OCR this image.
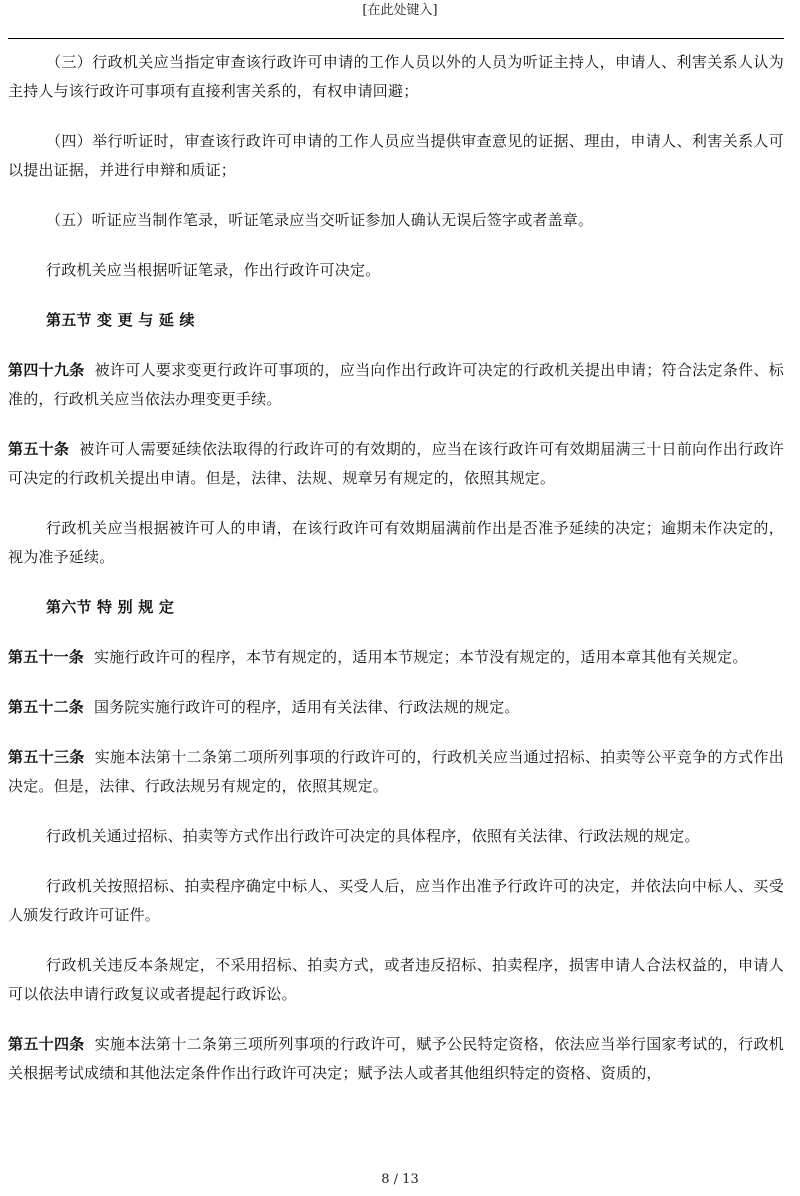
[在此处键入]

（三）行政机关应当指定审查该行政许可申请的工作人员以外的人员为听证主持人，申请人、利害关系人认为主持人与该行政许可事项有直接利害关系的，有权申请回避；

（四）举行听证时，审查该行政许可申请的工作人员应当提供审查意见的证据、理由，申请人、利害关系人可以提出证据，并进行申辩和质证；

（五）听证应当制作笔录，听证笔录应当交听证参加人确认无误后签字或者盖章。

行政机关应当根据听证笔录，作出行政许可决定。

第五节 变 更 与 延 续

第四十九条 被许可人要求变更行政许可事项的，应当向作出行政许可决定的行政机关提出申请；符合法定条件、标准的，行政机关应当依法办理变更手续。

第五十条 被许可人需要延续依法取得的行政许可的有效期的，应当在该行政许可有效期届满三十日前向作出行政许可决定的行政机关提出申请。但是，法律、法规、规章另有规定的，依照其规定。

行政机关应当根据被许可人的申请，在该行政许可有效期届满前作出是否准予延续的决定；逾期未作决定的，视为准予延续。

第六节 特 别 规 定

第五十一条 实施行政许可的程序，本节有规定的，适用本节规定；本节没有规定的，适用本章其他有关规定。

第五十二条 国务院实施行政许可的程序，适用有关法律、行政法规的规定。

第五十三条 实施本法第十二条第二项所列事项的行政许可的，行政机关应当通过招标、拍卖等公平竞争的方式作出决定。但是，法律、行政法规另有规定的，依照其规定。

行政机关通过招标、拍卖等方式作出行政许可决定的具体程序，依照有关法律、行政法规的规定。

行政机关按照招标、拍卖程序确定中标人、买受人后，应当作出准予行政许可的决定，并依法向中标人、买受人颁发行政许可证件。

行政机关违反本条规定，不采用招标、拍卖方式，或者违反招标、拍卖程序，损害申请人合法权益的，申请人可以依法申请行政复议或者提起行政诉讼。

第五十四条 实施本法第十二条第三项所列事项的行政许可，赋予公民特定资格，依法应当举行国家考试的，行政机关根据考试成绩和其他法定条件作出行政许可决定；赋予法人或者其他组织特定的资格、资质的，

8 / 13
